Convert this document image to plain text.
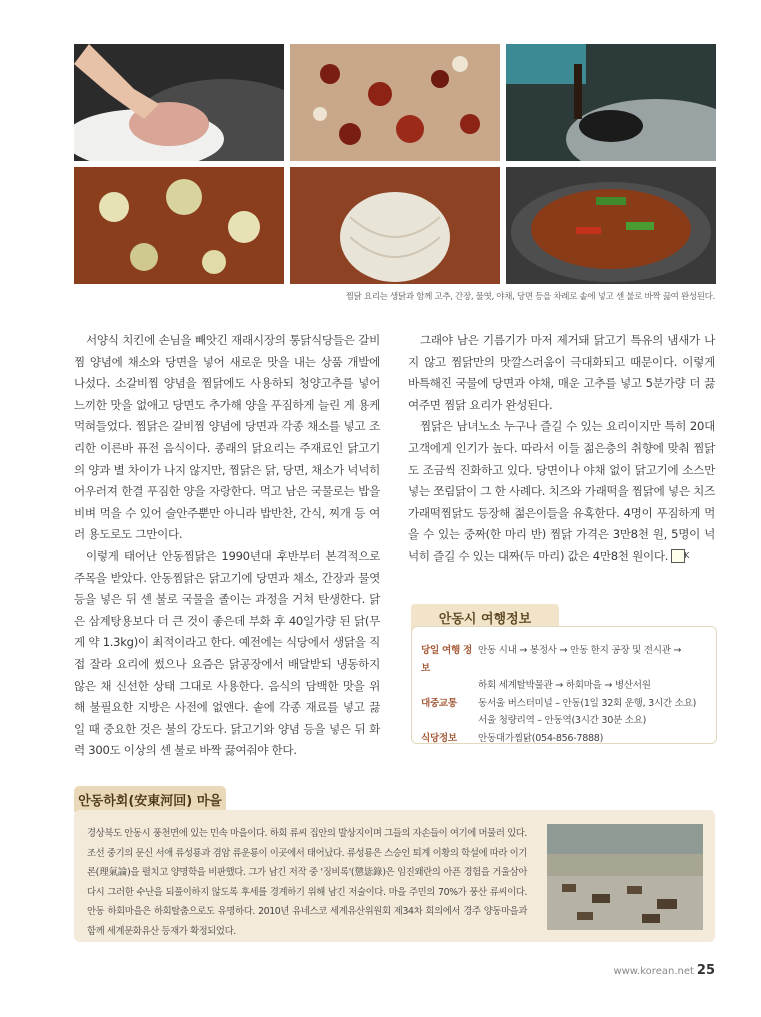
찜닭 요리는 생닭과 함께 고추, 간장, 물엿, 야채, 당면 등을 차례로 솥에 넣고 센 불로 바짝 끓여 완성된다.

서양식 치킨에 손님을 빼앗긴 재래시장의 통닭식당들은 갈비찜 양념에 채소와 당면을 넣어 새로운 맛을 내는 상품 개발에 나섰다. 소갈비찜 양념을 찜닭에도 사용하되 청양고추를 넣어 느끼한 맛을 없애고 당면도 추가해 양을 푸짐하게 늘린 게 용케 먹혀들었다. 찜닭은 갈비찜 양념에 당면과 각종 채소를 넣고 조리한 이른바 퓨전 음식이다. 종래의 닭요리는 주재료인 닭고기의 양과 별 차이가 나지 않지만, 찜닭은 닭, 당면, 채소가 넉넉히 어우러져 한결 푸짐한 양을 자랑한다. 먹고 남은 국물로는 밥을 비벼 먹을 수 있어 술안주뿐만 아니라 밥반찬, 간식, 찌개 등 여러 용도로도 그만이다.

이렇게 태어난 안동찜닭은 1990년대 후반부터 본격적으로 주목을 받았다. 안동찜닭은 닭고기에 당면과 채소, 간장과 물엿 등을 넣은 뒤 센 불로 국물을 졸이는 과정을 거쳐 탄생한다. 닭은 삼계탕용보다 더 큰 것이 좋은데 부화 후 40일가량 된 닭(무게 약 1.3kg)이 최적이라고 한다. 예전에는 식당에서 생닭을 직접 잘라 요리에 썼으나 요즘은 닭공장에서 배달받되 냉동하지 않은 채 신선한 상태 그대로 사용한다. 음식의 담백한 맛을 위해 불필요한 지방은 사전에 없앤다. 솥에 각종 재료를 넣고 끓일 때 중요한 것은 불의 강도다. 닭고기와 양념 등을 넣은 뒤 화력 300도 이상의 센 불로 바짝 끓여줘야 한다.

그래야 남은 기름기가 마저 제거돼 닭고기 특유의 냄새가 나지 않고 찜닭만의 맛깔스러움이 극대화되고 때문이다. 이렇게 바특해진 국물에 당면과 야채, 매운 고추를 넣고 5분가량 더 끓여주면 찜닭 요리가 완성된다.

찜닭은 남녀노소 누구나 즐길 수 있는 요리이지만 특히 20대 고객에게 인기가 높다. 따라서 이들 젊은층의 취향에 맞춰 찜닭도 조금씩 진화하고 있다. 당면이나 야채 없이 닭고기에 소스만 넣는 쪼림닭이 그 한 사례다. 치즈와 가래떡을 찜닭에 넣은 치즈가래떡찜닭도 등장해 젊은이들을 유혹한다. 4명이 푸짐하게 먹을 수 있는 중짜(한 마리 반) 찜닭 가격은 3만8천 원, 5명이 넉넉히 즐길 수 있는 대짜(두 마리) 값은 4만8천 원이다. K

안동시 여행정보
당일 여행 정보
안동 시내 → 봉정사 → 안동 한지 공장 및 전시관 →
하회 세계탈박물관 → 하회마을 → 병산서원
대중교통	동서울 버스터미널 – 안동(1일 32회 운행, 3시간 소요)
서울 청량리역 – 안동역(3시간 30분 소요)
식당정보	안동대가찜닭(054-856-7888)
안동하회(安東河回) 마을
경상북도 안동시 풍천면에 있는 민속 마을이다. 하회 류씨 집안의 발상지이며 그들의 자손들이 여기에 머물러 있다. 조선 중기의 문신 서애 류성룡과 겸암 류운룡이 이곳에서 태어났다. 류성룡은 스승인 퇴계 이황의 학설에 따라 이기론(理氣論)을 펼치고 양명학을 비판했다. 그가 남긴 저작 중 '징비록'(懲毖錄)은 임진왜란의 아픈 경험을 거울삼아 다시 그러한 수난을 되풀이하지 않도록 후세를 경계하기 위해 남긴 저술이다. 마을 주민의 70%가 풍산 류씨이다. 안동 하회마을은 하회탈춤으로도 유명하다. 2010년 유네스코 세계유산위원회 제34차 회의에서 경주 양동마을과 함께 세계문화유산 등재가 확정되었다.
www.korean.net 25
